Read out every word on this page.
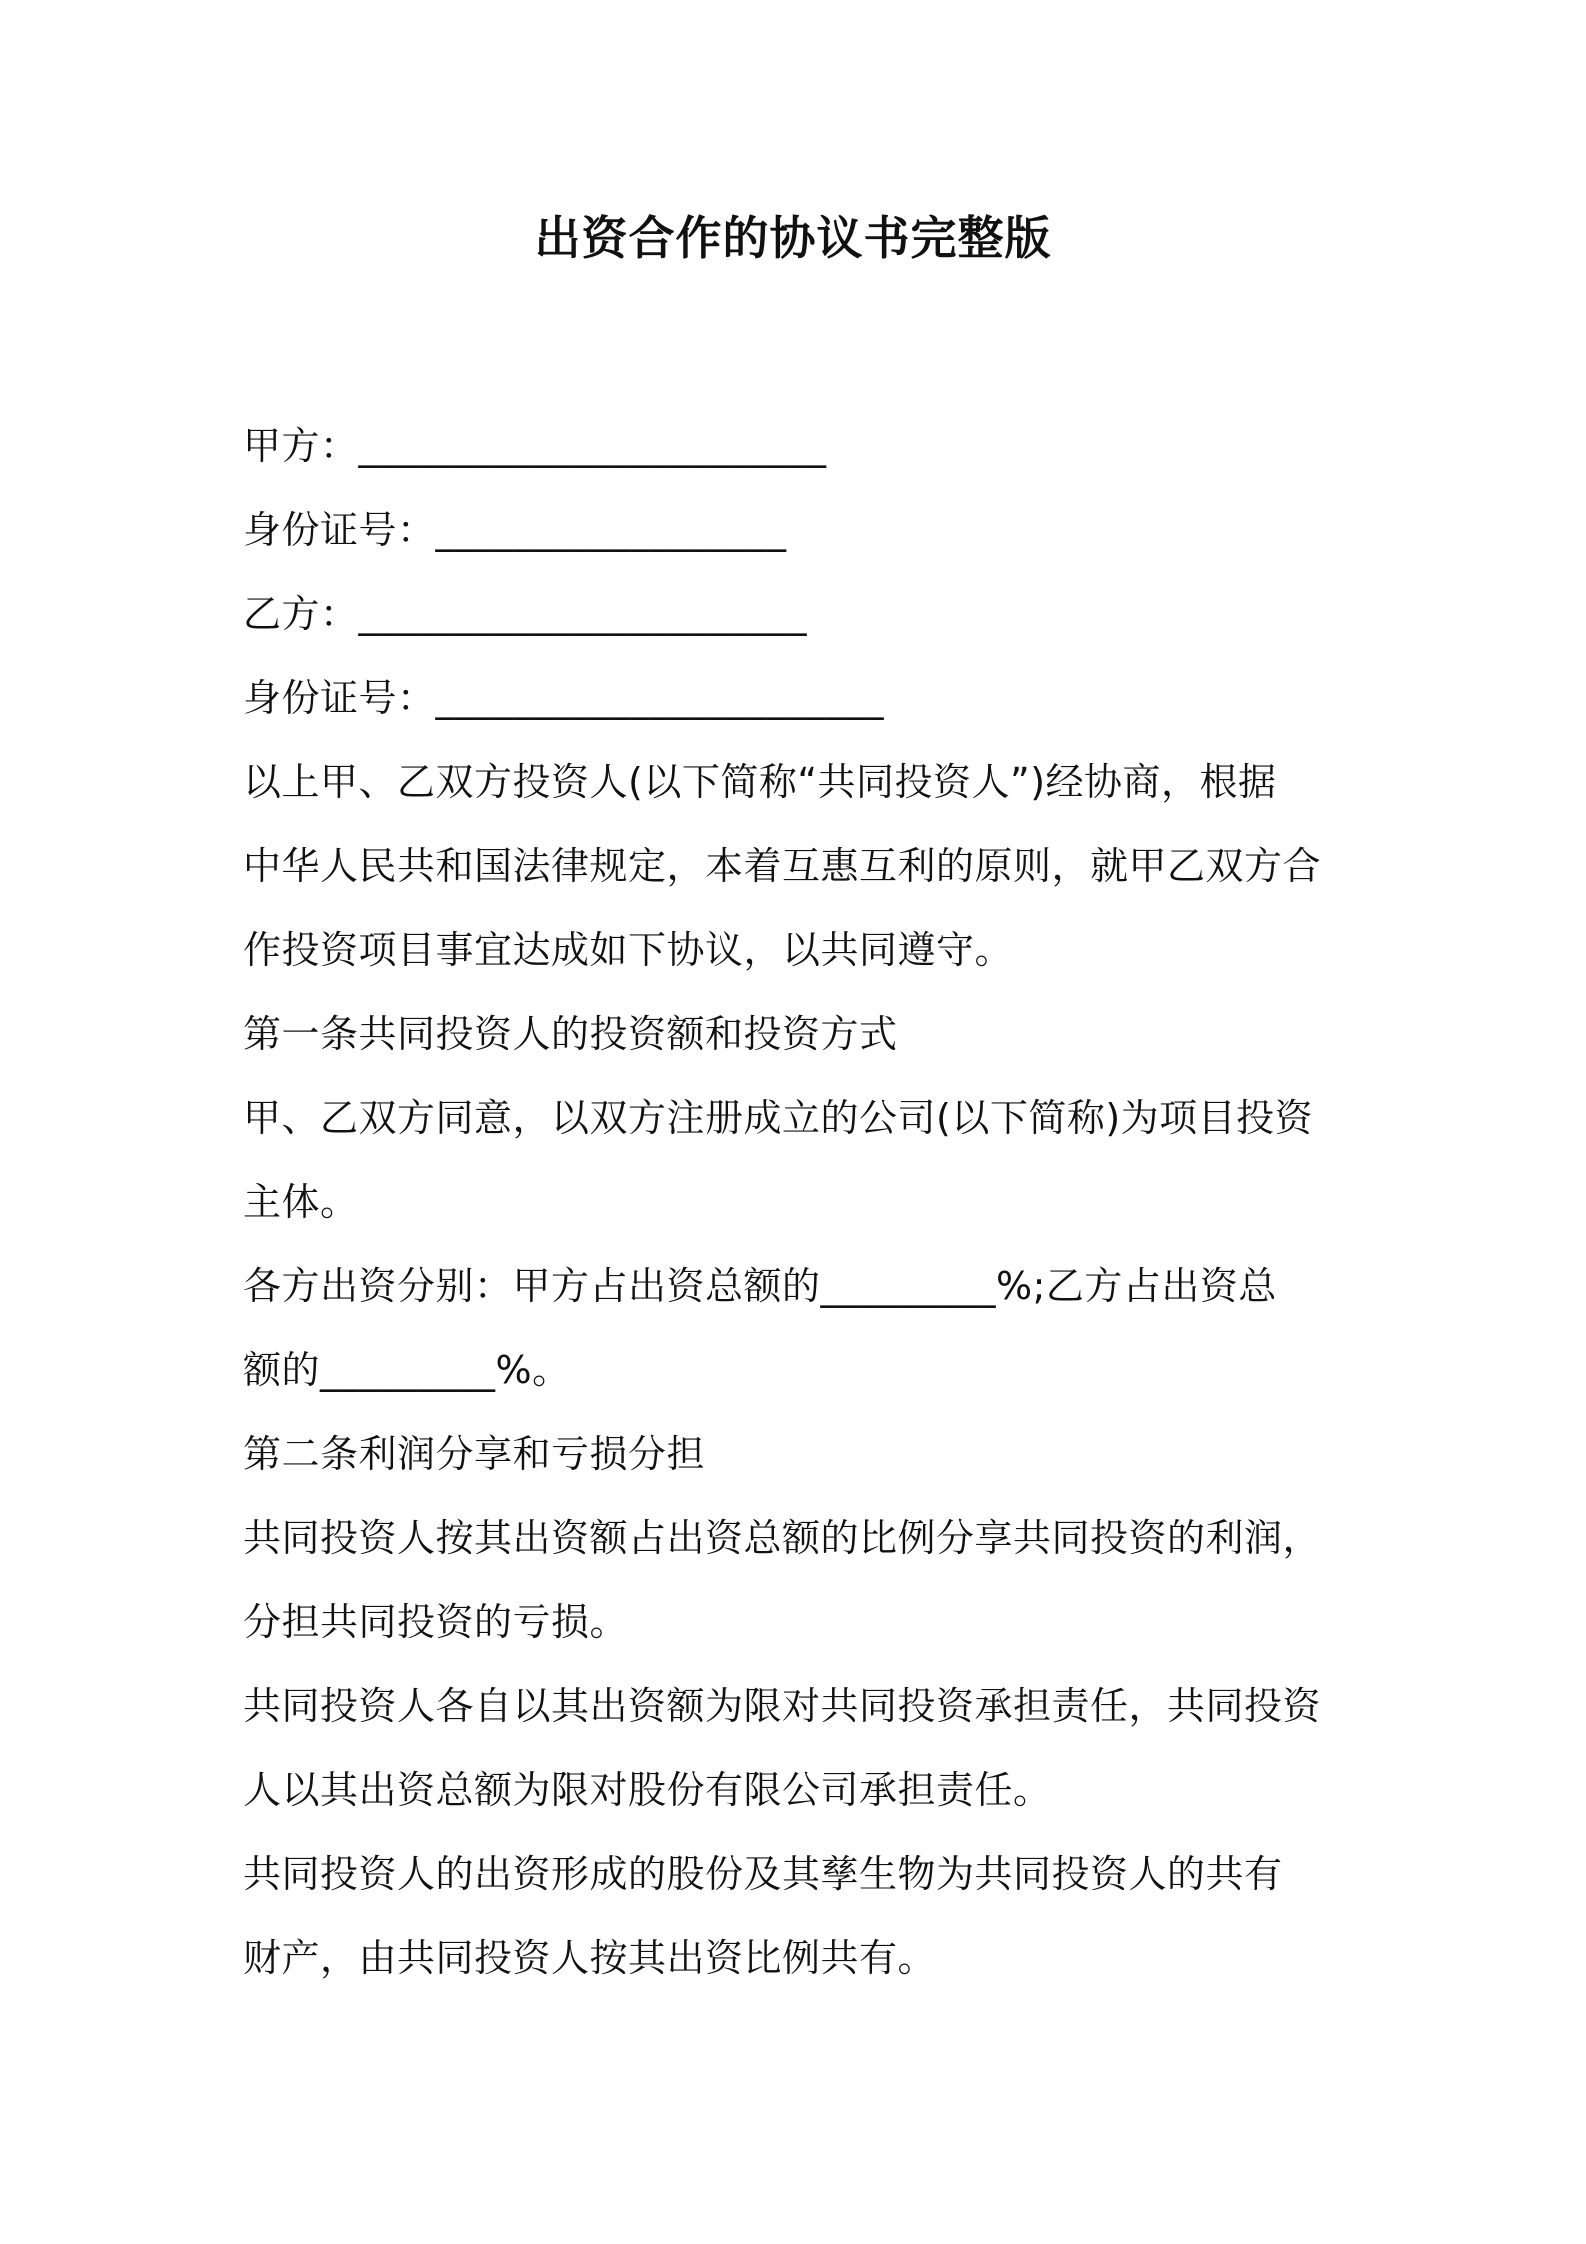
出资合作的协议书完整版
甲方：________________________
身份证号：__________________
乙方：_______________________
身份证号：_______________________
以上甲、乙双方投资人(以下简称“共同投资人”)经协商，根据
中华人民共和国法律规定，本着互惠互利的原则，就甲乙双方合
作投资项目事宜达成如下协议，以共同遵守。
第一条共同投资人的投资额和投资方式
甲、乙双方同意，以双方注册成立的公司(以下简称)为项目投资
主体。
各方出资分别：甲方占出资总额的_________%;乙方占出资总
额的_________%。
第二条利润分享和亏损分担
共同投资人按其出资额占出资总额的比例分享共同投资的利润，
分担共同投资的亏损。
共同投资人各自以其出资额为限对共同投资承担责任，共同投资
人以其出资总额为限对股份有限公司承担责任。
共同投资人的出资形成的股份及其孳生物为共同投资人的共有
财产，由共同投资人按其出资比例共有。
